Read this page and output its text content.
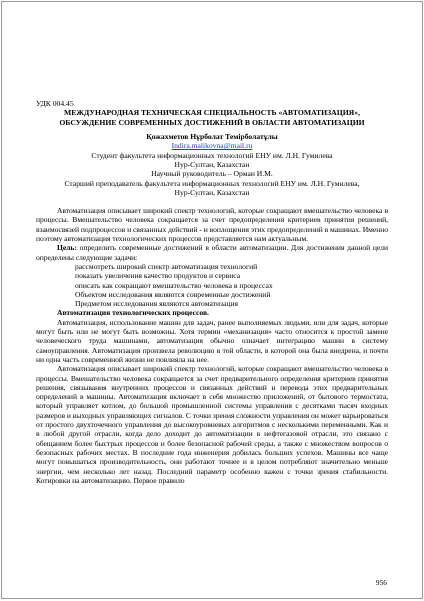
УДК 004.45

МЕЖДУНАРОДНАЯ ТЕХНИЧЕСКАЯ СПЕЦИАЛЬНОСТЬ «АВТОМАТИЗАЦИЯ»,

ОБСУЖДЕНИЕ СОВРЕМЕННЫХ ДОСТИЖЕНИЙ В ОБЛАСТИ АВТОМАТИЗАЦИИ

Қожахметов Нұрболат Темірболатұлы

Indira.malikovna@mail.ru

Студент факультета информационных технологий ЕНУ им. Л.Н. Гумилева

Нур-Султан, Казахстан

Научный руководитель – Орман И.М.

Старший преподаватель факультета информационных технологий ЕНУ им. Л.Н. Гумилева,

Нур-Султан, Казахстан

Автоматизация описывает широкий спектр технологий, которые сокращают вмешательство человека в процессы. Вмешательство человека сокращается за счет предопределения критериев принятия решений, взаимосвязей подпроцессов и связанных действий - и воплощения этих предопределений в машинах. Именно поэтому автоматизация технологических процессов представляется нам актуальным.

Цель: определить современные достижений в области автоматизации. Для достижения данной цели определены следующие задачи:

рассмотреть широкий спектр автоматизация технологий
показать увеличения качество продуктов и сервиса
описать как сокращают вмешательство человека в процессах
Объектом исследования являются современные достижений
Предметом исследования являются автоматизация

Автоматизация технологических процессов.

Автоматизация, использование машин для задач, ранее выполняемых людьми, или для задач, которые могут быть или не могут быть возможны. Хотя термин «механизация» часто относится к простой замене человеческого труда машинами, автоматизация обычно означает интеграцию машин в систему самоуправления. Автоматизация произвела революцию в той области, в которой она была внедрена, и почти ни одна часть современной жизни не повлияла на нее.

Автоматизация описывает широкий спектр технологий, которые сокращают вмешательство человека в процессы. Вмешательство человека сокращается за счет предварительного определения критериев принятия решения, связывания внутренних процессов и связанных действий и перевода этих предварительных определений в машины. Автоматизация включает в себя множество приложений, от бытового термостата, который управляет котлом, до большой промышленной системы управления с десятками тысяч входных размеров и выходных управляющих сигналов. С точки зрения сложности управления он может варьироваться от простого двухточечного управления до высокоуровневых алгоритмов с несколькими переменными. Как и в любой другой отрасли, когда дело доходит до автоматизации в нефтегазовой отрасли, это связано с обещанием более быстрых процессов и более безопасной рабочей среды, а также с множеством вопросов о безопасных рабочих местах. В последние года инженерия добилась больших успехов. Машины все чаще могут повышаться производительность, они работают точнее и в целом потребляют значительно меньше энергии, чем несколько лет назад. Последний параметр особенно важен с точки зрения стабильности. Котировки на автоматизацию. Первое правило

956
